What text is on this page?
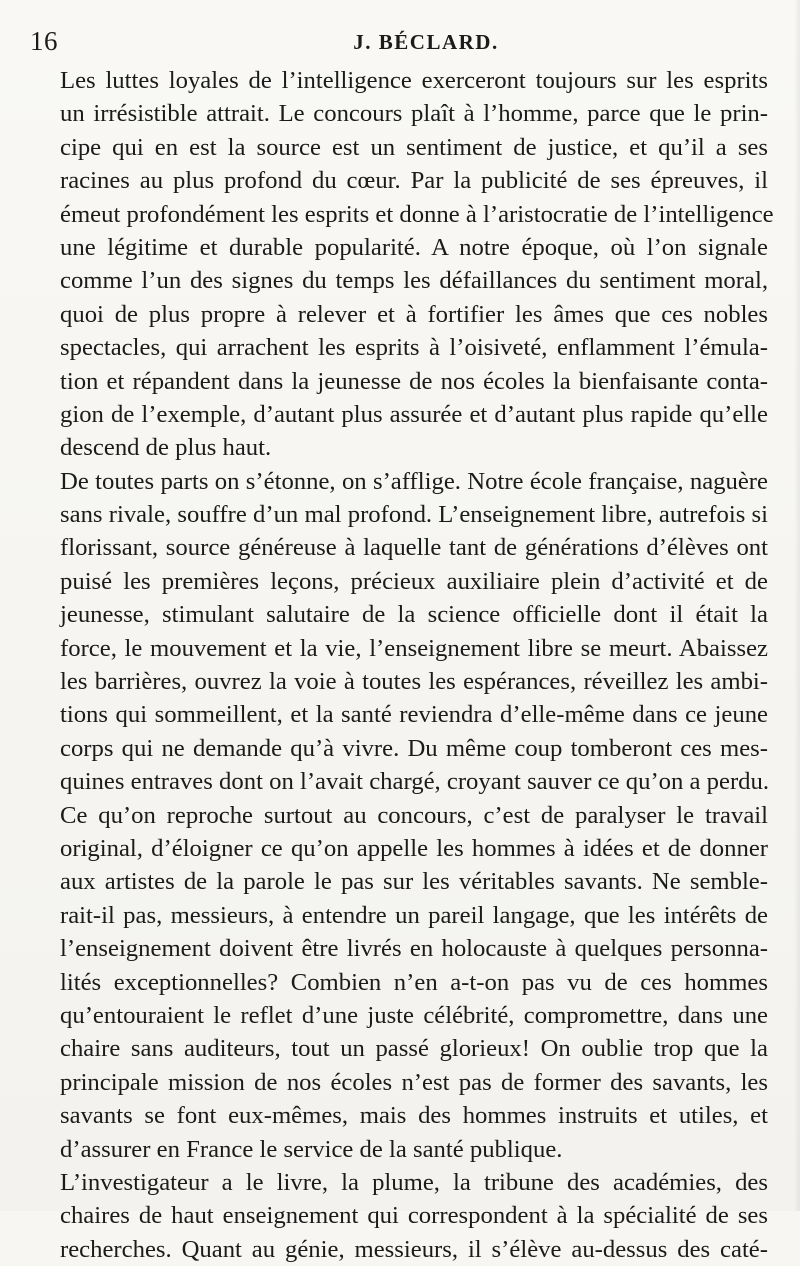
16	J. BÉCLARD.
Les luttes loyales de l’intelligence exerceront toujours sur les esprits
un irrésistible attrait. Le concours plaît à l’homme, parce que le prin-
cipe qui en est la source est un sentiment de justice, et qu’il a ses
racines au plus profond du cœur. Par la publicité de ses épreuves, il
émeut profondément les esprits et donne à l’aristocratie de l’intelligence
une légitime et durable popularité. A notre époque, où l’on signale
comme l’un des signes du temps les défaillances du sentiment moral,
quoi de plus propre à relever et à fortifier les âmes que ces nobles
spectacles, qui arrachent les esprits à l’oisiveté, enflamment l’émula-
tion et répandent dans la jeunesse de nos écoles la bienfaisante conta-
gion de l’exemple, d’autant plus assurée et d’autant plus rapide qu’elle
descend de plus haut.
De toutes parts on s’étonne, on s’afflige. Notre école française, naguère
sans rivale, souffre d’un mal profond. L’enseignement libre, autrefois si
florissant, source généreuse à laquelle tant de générations d’élèves ont
puisé les premières leçons, précieux auxiliaire plein d’activité et de
jeunesse, stimulant salutaire de la science officielle dont il était la
force, le mouvement et la vie, l’enseignement libre se meurt. Abaissez
les barrières, ouvrez la voie à toutes les espérances, réveillez les ambi-
tions qui sommeillent, et la santé reviendra d’elle-même dans ce jeune
corps qui ne demande qu’à vivre. Du même coup tomberont ces mes-
quines entraves dont on l’avait chargé, croyant sauver ce qu’on a perdu.
Ce qu’on reproche surtout au concours, c’est de paralyser le travail
original, d’éloigner ce qu’on appelle les hommes à idées et de donner
aux artistes de la parole le pas sur les véritables savants. Ne semble-
rait-il pas, messieurs, à entendre un pareil langage, que les intérêts de
l’enseignement doivent être livrés en holocauste à quelques personna-
lités exceptionnelles? Combien n’en a-t-on pas vu de ces hommes
qu’entouraient le reflet d’une juste célébrité, compromettre, dans une
chaire sans auditeurs, tout un passé glorieux! On oublie trop que la
principale mission de nos écoles n’est pas de former des savants, les
savants se font eux-mêmes, mais des hommes instruits et utiles, et
d’assurer en France le service de la santé publique.
L’investigateur a le livre, la plume, la tribune des académies, des
chaires de haut enseignement qui correspondent à la spécialité de ses
recherches. Quant au génie, messieurs, il s’élève au-dessus des caté-
